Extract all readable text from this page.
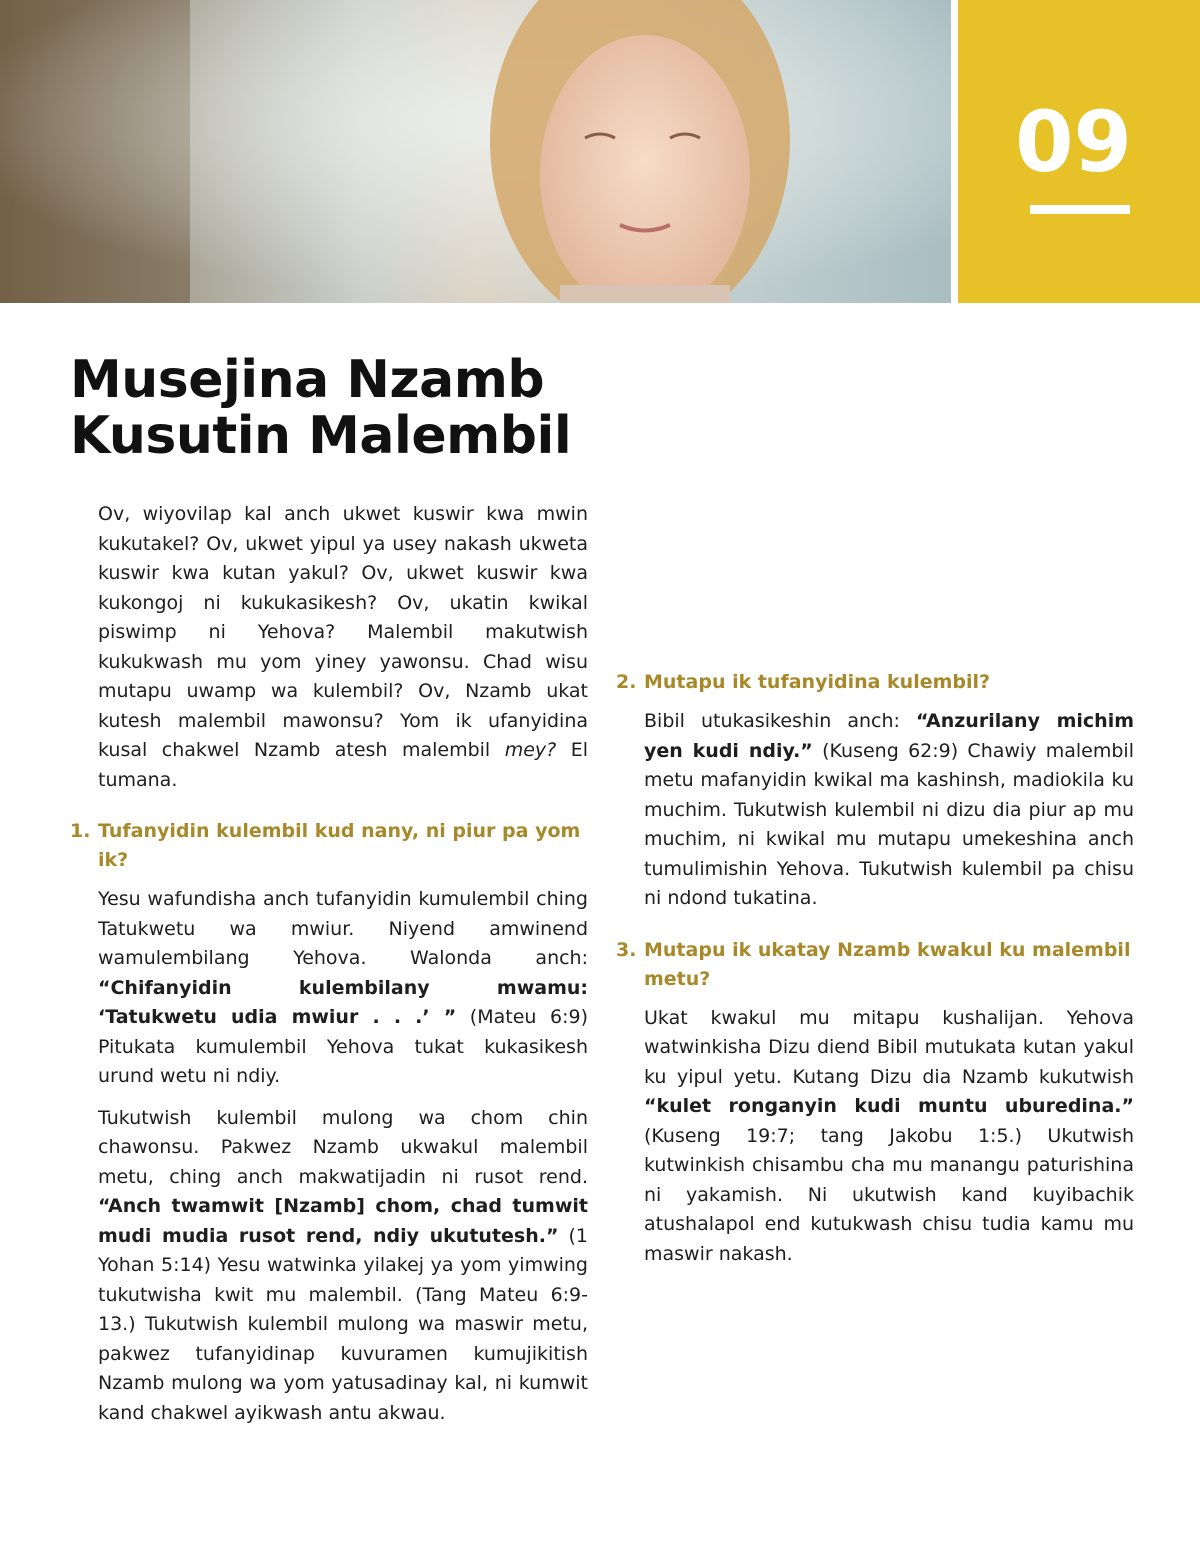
09
Musejina Nzamb
Kusutin Malembil

Ov, wiyovilap kal anch ukwet kuswir kwa mwin kukutakel? Ov, ukwet yipul ya usey nakash ukweta kuswir kwa kutan yakul? Ov, ukwet kuswir kwa kukongoj ni kukukasikesh? Ov, ukatin kwikal piswimp ni Yehova? Malembil makutwish kukukwash mu yom yiney yawonsu. Chad wisu mutapu uwamp wa kulembil? Ov, Nzamb ukat kutesh malembil mawonsu? Yom ik ufanyidina kusal chakwel Nzamb atesh malembil mey? El tumana.

1. Tufanyidin kulembil kud nany, ni piur pa yom ik?

Yesu wafundisha anch tufanyidin kumulembil ching Tatukwetu wa mwiur. Niyend amwinend wamulembilang Yehova. Walonda anch: “Chifanyidin kulembilany mwamu: ‘Tatukwetu udia mwiur . . .’ ” (Mateu 6:9) Pitukata kumulembil Yehova tukat kukasikesh urund wetu ni ndiy.

Tukutwish kulembil mulong wa chom chin chawonsu. Pakwez Nzamb ukwakul malembil metu, ching anch makwatijadin ni rusot rend. “Anch twamwit [Nzamb] chom, chad tumwit mudi mudia rusot rend, ndiy ukututesh.” (1 Yohan 5:14) Yesu watwinka yilakej ya yom yimwing tukutwisha kwit mu malembil. (Tang Mateu 6:9-13.) Tukutwish kulembil mulong wa maswir metu, pakwez tufanyidinap kuvuramen kumujikitish Nzamb mulong wa yom yatusadinay kal, ni kumwit kand chakwel ayikwash antu akwau.

2. Mutapu ik tufanyidina kulembil?

Bibil utukasikeshin anch: “Anzurilany michim yen kudi ndiy.” (Kuseng 62:9) Chawiy malembil metu mafanyidin kwikal ma kashinsh, madiokila ku muchim. Tukutwish kulembil ni dizu dia piur ap mu muchim, ni kwikal mu mutapu umekeshina anch tumulimishin Yehova. Tukutwish kulembil pa chisu ni ndond tukatina.

3. Mutapu ik ukatay Nzamb kwakul ku malembil metu?

Ukat kwakul mu mitapu kushalijan. Yehova watwinkisha Dizu diend Bibil mutukata kutan yakul ku yipul yetu. Kutang Dizu dia Nzamb kukutwish “kulet ronganyin kudi muntu uburedina.” (Kuseng 19:7; tang Jakobu 1:5.) Ukutwish kutwinkish chisambu cha mu manangu paturishina ni yakamish. Ni ukutwish kand kuyibachik atushalapol end kutukwash chisu tudia kamu mu maswir nakash.
